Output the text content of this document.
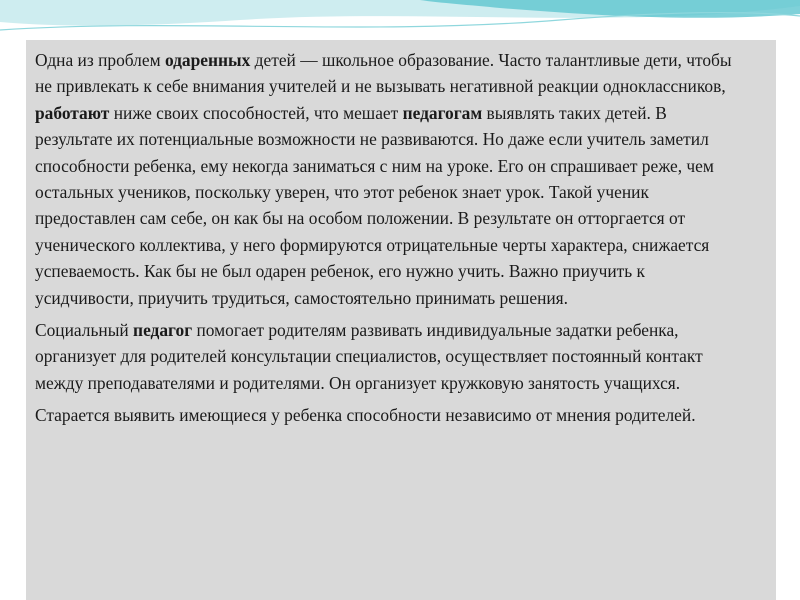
Одна из проблем одаренных детей — школьное образование. Часто талантливые дети, чтобы не привлекать к себе внимания учителей и не вызывать негативной реакции одноклассников, работают ниже своих способностей, что мешает педагогам выявлять таких детей. В результате их потенциальные возможности не развиваются. Но даже если учитель заметил способности ребенка, ему некогда заниматься с ним на уроке. Его он спрашивает реже, чем остальных учеников, поскольку уверен, что этот ребенок знает урок. Такой ученик предоставлен сам себе, он как бы на особом положении. В результате он отторгается от ученического коллектива, у него формируются отрицательные черты характера, снижается успеваемость. Как бы не был одарен ребенок, его нужно учить. Важно приучить к усидчивости, приучить трудиться, самостоятельно принимать решения.

Социальный педагог помогает родителям развивать индивидуальные задатки ребенка, организует для родителей консультации специалистов, осуществляет постоянный контакт между преподавателями и родителями. Он организует кружковую занятость учащихся.

Старается выявить имеющиеся у ребенка способности независимо от мнения родителей.
